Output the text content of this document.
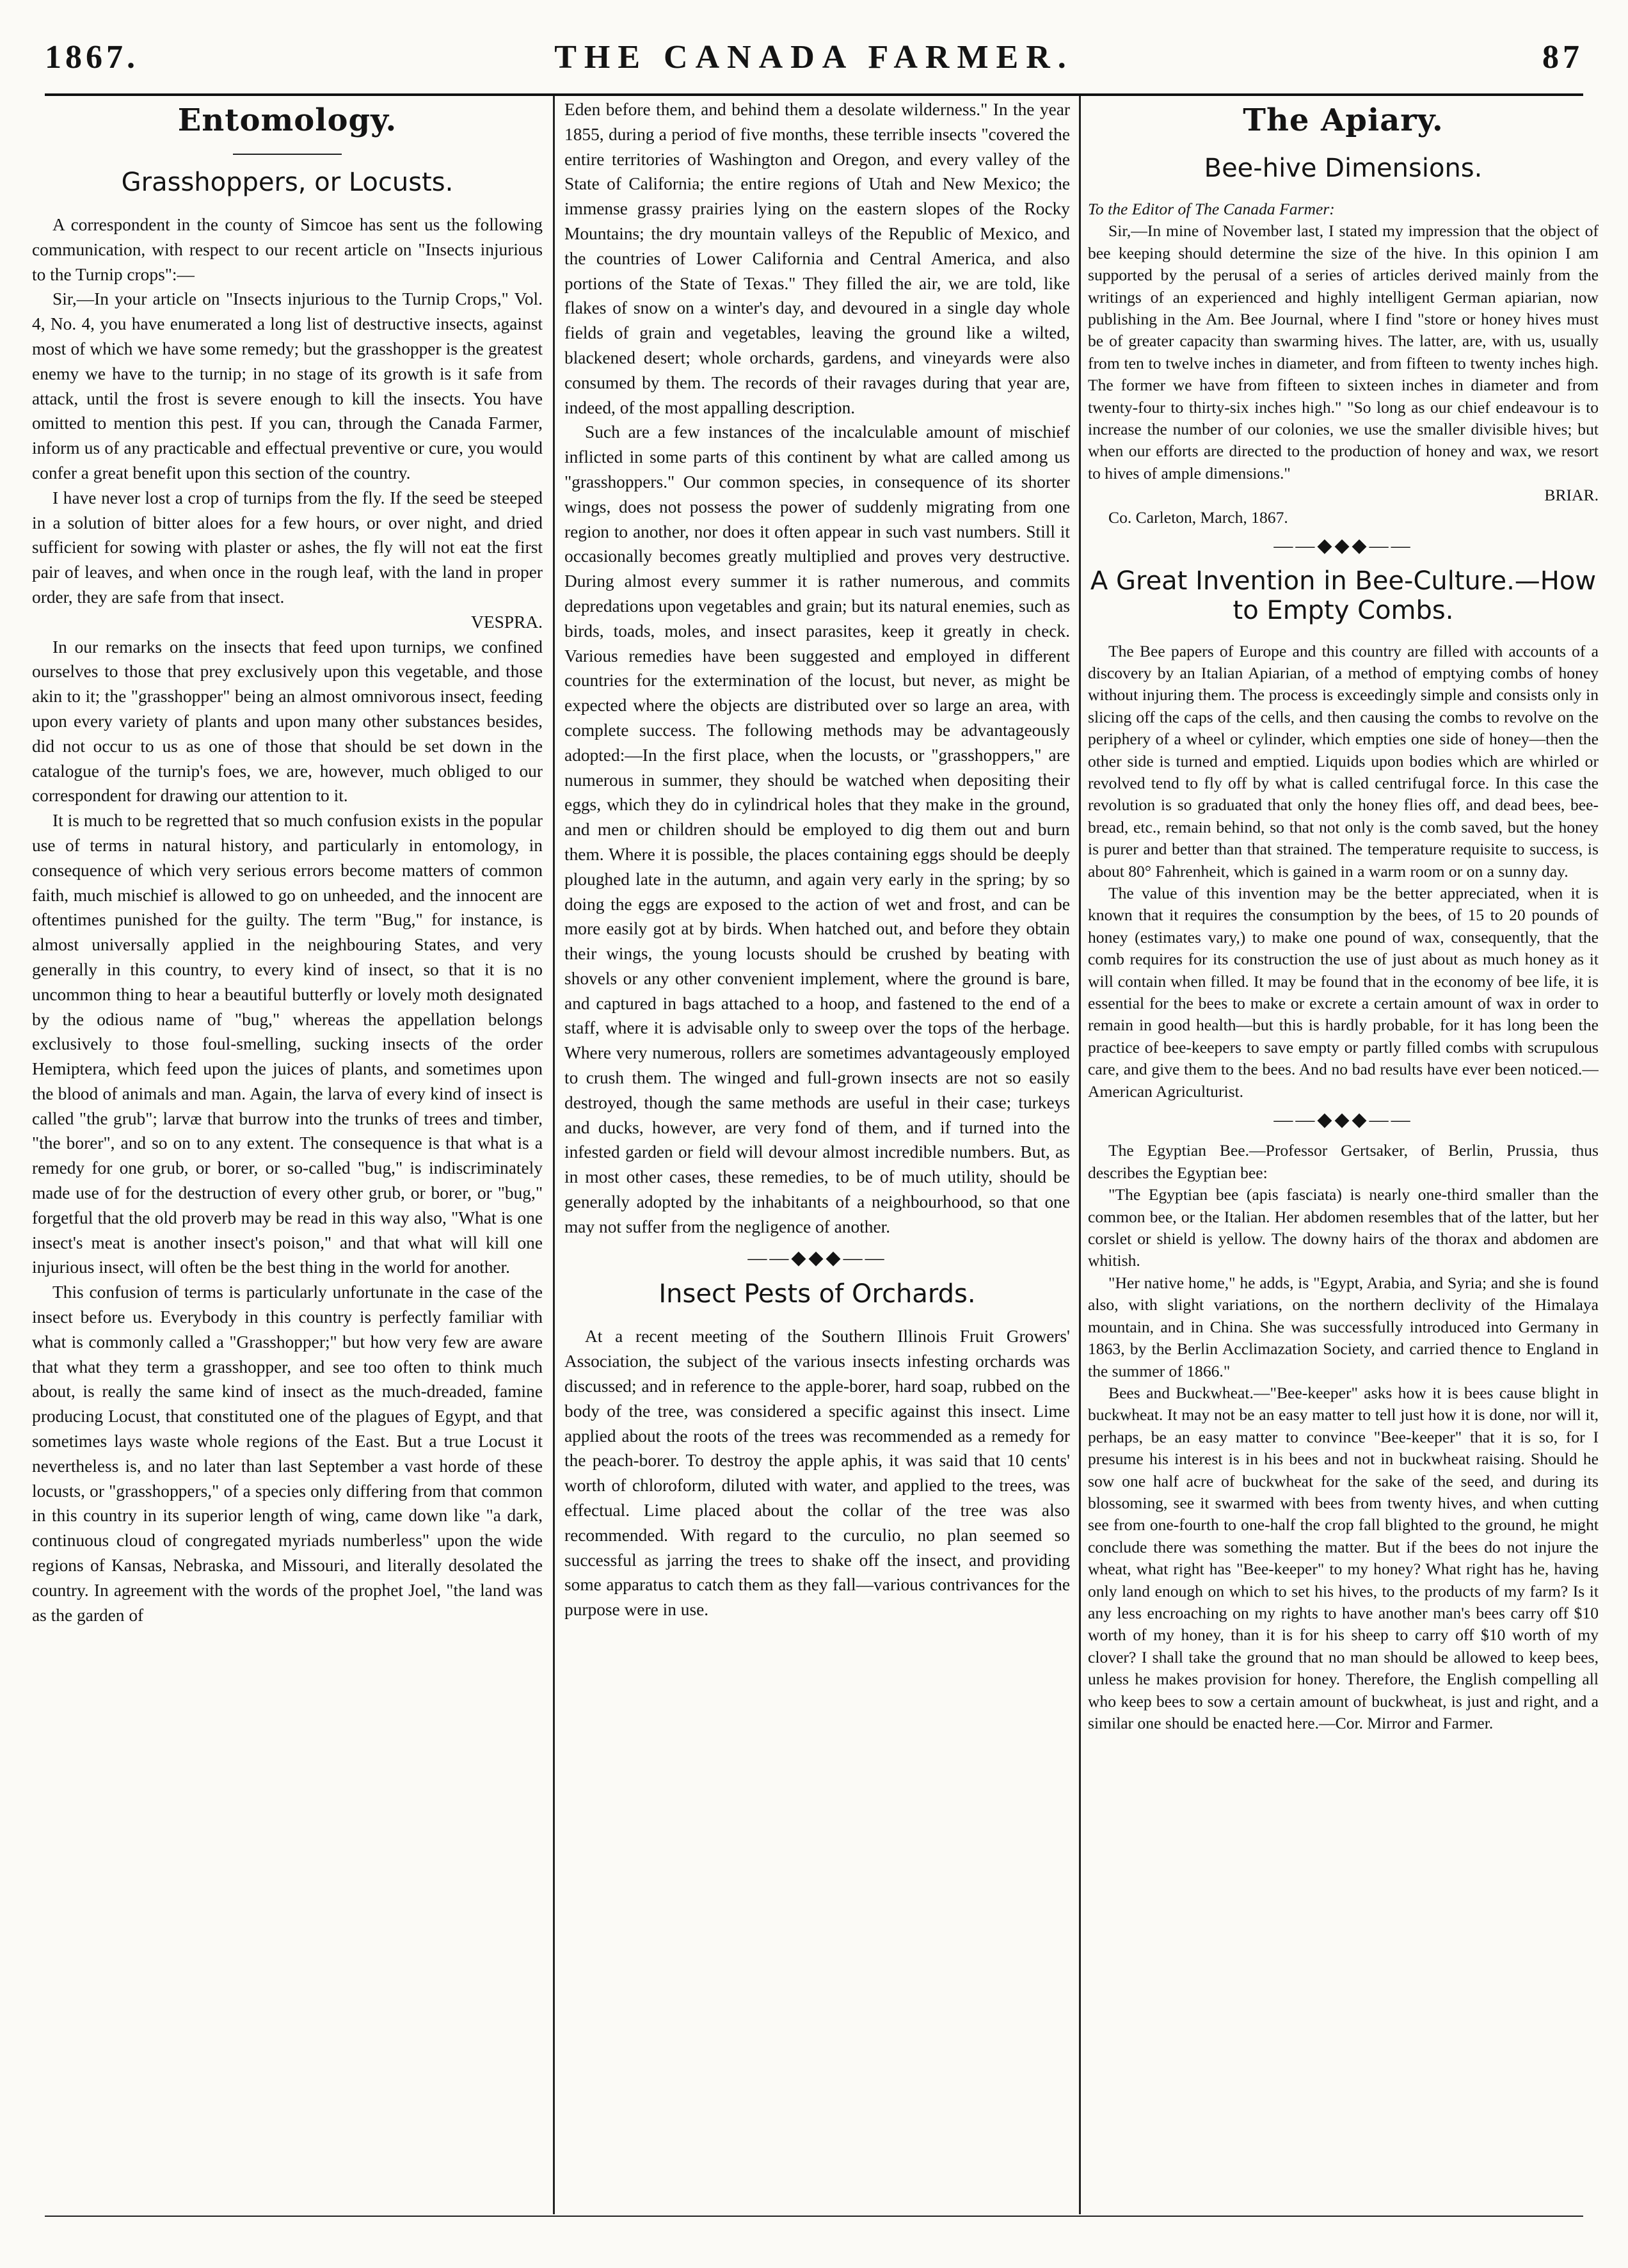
1867.	THE CANADA FARMER.	87
Entomology.
Grasshoppers, or Locusts.

A correspondent in the county of Simcoe has sent us the following communication, with respect to our recent article on "Insects injurious to the Turnip crops":—

Sir,—In your article on "Insects injurious to the Turnip Crops," Vol. 4, No. 4, you have enumerated a long list of destructive insects, against most of which we have some remedy; but the grasshopper is the greatest enemy we have to the turnip; in no stage of its growth is it safe from attack, until the frost is severe enough to kill the insects. You have omitted to mention this pest. If you can, through the Canada Farmer, inform us of any practicable and effectual preventive or cure, you would confer a great benefit upon this section of the country.

I have never lost a crop of turnips from the fly. If the seed be steeped in a solution of bitter aloes for a few hours, or over night, and dried sufficient for sowing with plaster or ashes, the fly will not eat the first pair of leaves, and when once in the rough leaf, with the land in proper order, they are safe from that insect.

VESPRA.

In our remarks on the insects that feed upon turnips, we confined ourselves to those that prey exclusively upon this vegetable, and those akin to it; the "grasshopper" being an almost omnivorous insect, feeding upon every variety of plants and upon many other substances besides, did not occur to us as one of those that should be set down in the catalogue of the turnip's foes, we are, however, much obliged to our correspondent for drawing our attention to it.

It is much to be regretted that so much confusion exists in the popular use of terms in natural history, and particularly in entomology, in consequence of which very serious errors become matters of common faith, much mischief is allowed to go on unheeded, and the innocent are oftentimes punished for the guilty. The term "Bug," for instance, is almost universally applied in the neighbouring States, and very generally in this country, to every kind of insect, so that it is no uncommon thing to hear a beautiful butterfly or lovely moth designated by the odious name of "bug," whereas the appellation belongs exclusively to those foul-smelling, sucking insects of the order Hemiptera, which feed upon the juices of plants, and sometimes upon the blood of animals and man. Again, the larva of every kind of insect is called "the grub"; larvæ that burrow into the trunks of trees and timber, "the borer", and so on to any extent. The consequence is that what is a remedy for one grub, or borer, or so-called "bug," is indiscriminately made use of for the destruction of every other grub, or borer, or "bug," forgetful that the old proverb may be read in this way also, "What is one insect's meat is another insect's poison," and that what will kill one injurious insect, will often be the best thing in the world for another.

This confusion of terms is particularly unfortunate in the case of the insect before us. Everybody in this country is perfectly familiar with what is commonly called a "Grasshopper;" but how very few are aware that what they term a grasshopper, and see too often to think much about, is really the same kind of insect as the much-dreaded, famine producing Locust, that constituted one of the plagues of Egypt, and that sometimes lays waste whole regions of the East. But a true Locust it nevertheless is, and no later than last September a vast horde of these locusts, or "grasshoppers," of a species only differing from that common in this country in its superior length of wing, came down like "a dark, continuous cloud of congregated myriads numberless" upon the wide regions of Kansas, Nebraska, and Missouri, and literally desolated the country. In agreement with the words of the prophet Joel, "the land was as the garden of

Eden before them, and behind them a desolate wilderness." In the year 1855, during a period of five months, these terrible insects "covered the entire territories of Washington and Oregon, and every valley of the State of California; the entire regions of Utah and New Mexico; the immense grassy prairies lying on the eastern slopes of the Rocky Mountains; the dry mountain valleys of the Republic of Mexico, and the countries of Lower California and Central America, and also portions of the State of Texas." They filled the air, we are told, like flakes of snow on a winter's day, and devoured in a single day whole fields of grain and vegetables, leaving the ground like a wilted, blackened desert; whole orchards, gardens, and vineyards were also consumed by them. The records of their ravages during that year are, indeed, of the most appalling description.

Such are a few instances of the incalculable amount of mischief inflicted in some parts of this continent by what are called among us "grasshoppers." Our common species, in consequence of its shorter wings, does not possess the power of suddenly migrating from one region to another, nor does it often appear in such vast numbers. Still it occasionally becomes greatly multiplied and proves very destructive. During almost every summer it is rather numerous, and commits depredations upon vegetables and grain; but its natural enemies, such as birds, toads, moles, and insect parasites, keep it greatly in check. Various remedies have been suggested and employed in different countries for the extermination of the locust, but never, as might be expected where the objects are distributed over so large an area, with complete success. The following methods may be advantageously adopted:—In the first place, when the locusts, or "grasshoppers," are numerous in summer, they should be watched when depositing their eggs, which they do in cylindrical holes that they make in the ground, and men or children should be employed to dig them out and burn them. Where it is possible, the places containing eggs should be deeply ploughed late in the autumn, and again very early in the spring; by so doing the eggs are exposed to the action of wet and frost, and can be more easily got at by birds. When hatched out, and before they obtain their wings, the young locusts should be crushed by beating with shovels or any other convenient implement, where the ground is bare, and captured in bags attached to a hoop, and fastened to the end of a staff, where it is advisable only to sweep over the tops of the herbage. Where very numerous, rollers are sometimes advantageously employed to crush them. The winged and full-grown insects are not so easily destroyed, though the same methods are useful in their case; turkeys and ducks, however, are very fond of them, and if turned into the infested garden or field will devour almost incredible numbers. But, as in most other cases, these remedies, to be of much utility, should be generally adopted by the inhabitants of a neighbourhood, so that one may not suffer from the negligence of another.

——◆◆◆——
Insect Pests of Orchards.

At a recent meeting of the Southern Illinois Fruit Growers' Association, the subject of the various insects infesting orchards was discussed; and in reference to the apple-borer, hard soap, rubbed on the body of the tree, was considered a specific against this insect. Lime applied about the roots of the trees was recommended as a remedy for the peach-borer. To destroy the apple aphis, it was said that 10 cents' worth of chloroform, diluted with water, and applied to the trees, was effectual. Lime placed about the collar of the tree was also recommended. With regard to the curculio, no plan seemed so successful as jarring the trees to shake off the insect, and providing some apparatus to catch them as they fall—various contrivances for the purpose were in use.

The Apiary.
Bee-hive Dimensions.

To the Editor of The Canada Farmer:

Sir,—In mine of November last, I stated my impression that the object of bee keeping should determine the size of the hive. In this opinion I am supported by the perusal of a series of articles derived mainly from the writings of an experienced and highly intelligent German apiarian, now publishing in the Am. Bee Journal, where I find "store or honey hives must be of greater capacity than swarming hives. The latter, are, with us, usually from ten to twelve inches in diameter, and from fifteen to twenty inches high. The former we have from fifteen to sixteen inches in diameter and from twenty-four to thirty-six inches high." "So long as our chief endeavour is to increase the number of our colonies, we use the smaller divisible hives; but when our efforts are directed to the production of honey and wax, we resort to hives of ample dimensions."

BRIAR.

Co. Carleton, March, 1867.

——◆◆◆——
A Great Invention in Bee-Culture.—How to Empty Combs.

The Bee papers of Europe and this country are filled with accounts of a discovery by an Italian Apiarian, of a method of emptying combs of honey without injuring them. The process is exceedingly simple and consists only in slicing off the caps of the cells, and then causing the combs to revolve on the periphery of a wheel or cylinder, which empties one side of honey—then the other side is turned and emptied. Liquids upon bodies which are whirled or revolved tend to fly off by what is called centrifugal force. In this case the revolution is so graduated that only the honey flies off, and dead bees, bee-bread, etc., remain behind, so that not only is the comb saved, but the honey is purer and better than that strained. The temperature requisite to success, is about 80° Fahrenheit, which is gained in a warm room or on a sunny day.

The value of this invention may be the better appreciated, when it is known that it requires the consumption by the bees, of 15 to 20 pounds of honey (estimates vary,) to make one pound of wax, consequently, that the comb requires for its construction the use of just about as much honey as it will contain when filled. It may be found that in the economy of bee life, it is essential for the bees to make or excrete a certain amount of wax in order to remain in good health—but this is hardly probable, for it has long been the practice of bee-keepers to save empty or partly filled combs with scrupulous care, and give them to the bees. And no bad results have ever been noticed.—American Agriculturist.

——◆◆◆——

The Egyptian Bee.—Professor Gertsaker, of Berlin, Prussia, thus describes the Egyptian bee:

"The Egyptian bee (apis fasciata) is nearly one-third smaller than the common bee, or the Italian. Her abdomen resembles that of the latter, but her corslet or shield is yellow. The downy hairs of the thorax and abdomen are whitish.

"Her native home," he adds, is "Egypt, Arabia, and Syria; and she is found also, with slight variations, on the northern declivity of the Himalaya mountain, and in China. She was successfully introduced into Germany in 1863, by the Berlin Acclimazation Society, and carried thence to England in the summer of 1866."

Bees and Buckwheat.—"Bee-keeper" asks how it is bees cause blight in buckwheat. It may not be an easy matter to tell just how it is done, nor will it, perhaps, be an easy matter to convince "Bee-keeper" that it is so, for I presume his interest is in his bees and not in buckwheat raising. Should he sow one half acre of buckwheat for the sake of the seed, and during its blossoming, see it swarmed with bees from twenty hives, and when cutting see from one-fourth to one-half the crop fall blighted to the ground, he might conclude there was something the matter. But if the bees do not injure the wheat, what right has "Bee-keeper" to my honey? What right has he, having only land enough on which to set his hives, to the products of my farm? Is it any less encroaching on my rights to have another man's bees carry off $10 worth of my honey, than it is for his sheep to carry off $10 worth of my clover? I shall take the ground that no man should be allowed to keep bees, unless he makes provision for honey. Therefore, the English compelling all who keep bees to sow a certain amount of buckwheat, is just and right, and a similar one should be enacted here.—Cor. Mirror and Farmer.
